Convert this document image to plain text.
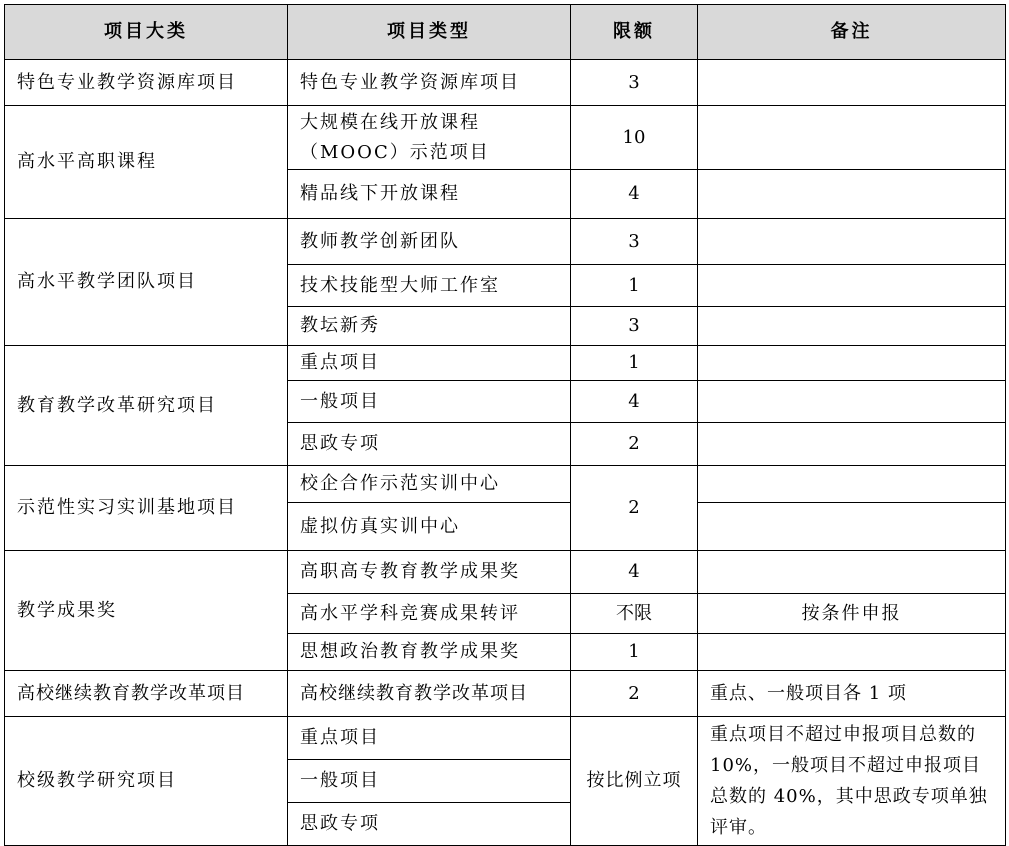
项目大类	项目类型	限额	备注
特色专业教学资源库项目	特色专业教学资源库项目	3	
高水平高职课程	大规模在线开放课程（MOOC）示范项目	10	
	精品线下开放课程	4	
高水平教学团队项目	教师教学创新团队	3	
	技术技能型大师工作室	1	
	教坛新秀	3	
教育教学改革研究项目	重点项目	1	
	一般项目	4	
	思政专项	2	
示范性实习实训基地项目	校企合作示范实训中心	2	
	虚拟仿真实训中心		
教学成果奖	高职高专教育教学成果奖	4	
	高水平学科竞赛成果转评	不限	按条件申报
	思想政治教育教学成果奖	1	
高校继续教育教学改革项目	高校继续教育教学改革项目	2	重点、一般项目各 1 项
校级教学研究项目	重点项目	按比例立项	重点项目不超过申报项目总数的 10%，一般项目不超过申报项目总数的 40%，其中思政专项单独评审。
	一般项目		
	思政专项		
